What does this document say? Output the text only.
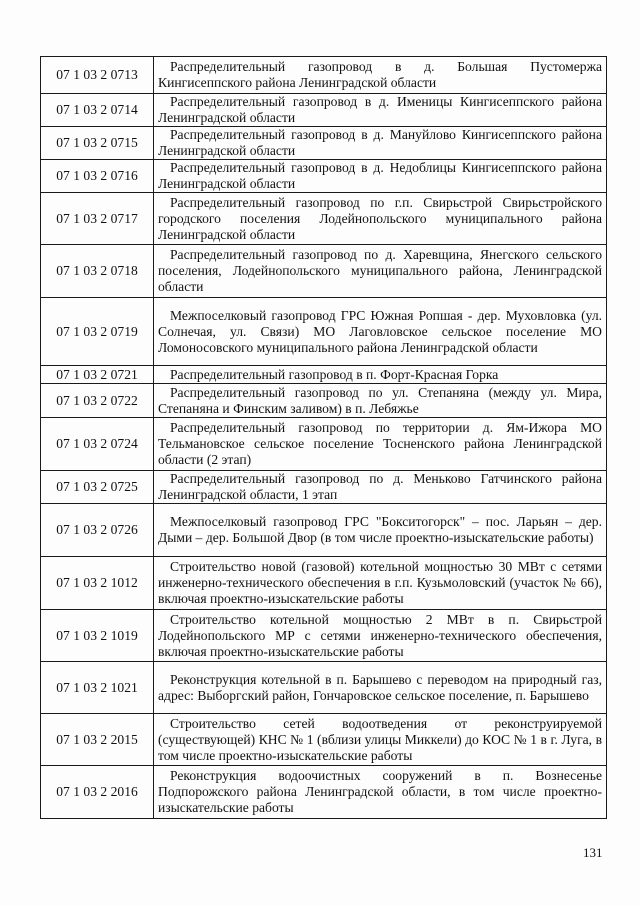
07 1 03 2 0713	Распределительный газопровод в д. Большая Пустомержа Кингисеппского района Ленинградской области
07 1 03 2 0714	Распределительный газопровод в д. Именицы Кингисеппского района Ленинградской области
07 1 03 2 0715	Распределительный газопровод в д. Мануйлово Кингисеппского района Ленинградской области
07 1 03 2 0716	Распределительный газопровод в д. Недоблицы Кингисеппского района Ленинградской области
07 1 03 2 0717	Распределительный газопровод по г.п. Свирьстрой Свирьстройского городского поселения Лодейнопольского муниципального района Ленинградской области
07 1 03 2 0718	Распределительный газопровод по д. Харевщина, Янегского сельского поселения, Лодейнопольского муниципального района, Ленинградской области
07 1 03 2 0719	Межпоселковый газопровод ГРС Южная Ропшая - дер. Муховловка (ул. Солнечая, ул. Связи) МО Лаговловское сельское поселение МО Ломоносовского муниципального района Ленинградской области
07 1 03 2 0721	Распределительный газопровод в п. Форт-Красная Горка
07 1 03 2 0722	Распределительный газопровод по ул. Степаняна (между ул. Мира, Степаняна и Финским заливом) в п. Лебяжье
07 1 03 2 0724	Распределительный газопровод по территории д. Ям-Ижора МО Тельмановское сельское поселение Тосненского района Ленинградской области (2 этап)
07 1 03 2 0725	Распределительный газопровод по д. Меньково Гатчинского района Ленинградской области, 1 этап
07 1 03 2 0726	Межпоселковый газопровод ГРС "Бокситогорск" – пос. Ларьян – дер. Дыми – дер. Большой Двор (в том числе проектно-изыскательские работы)
07 1 03 2 1012	Строительство новой (газовой) котельной мощностью 30 МВт с сетями инженерно-технического обеспечения в г.п. Кузьмоловский (участок № 66), включая проектно-изыскательские работы
07 1 03 2 1019	Строительство котельной мощностью 2 МВт в п. Свирьстрой Лодейнопольского МР с сетями инженерно-технического обеспечения, включая проектно-изыскательские работы
07 1 03 2 1021	Реконструкция котельной в п. Барышево с переводом на природный газ, адрес: Выборгский район, Гончаровское сельское поселение, п. Барышево
07 1 03 2 2015	Строительство сетей водоотведения от реконструируемой (существующей) КНС № 1 (вблизи улицы Миккели) до КОС № 1 в г. Луга, в том числе проектно-изыскательские работы
07 1 03 2 2016	Реконструкция водоочистных сооружений в п. Вознесенье Подпорожского района Ленинградской области, в том числе проектно-изыскательские работы
131
